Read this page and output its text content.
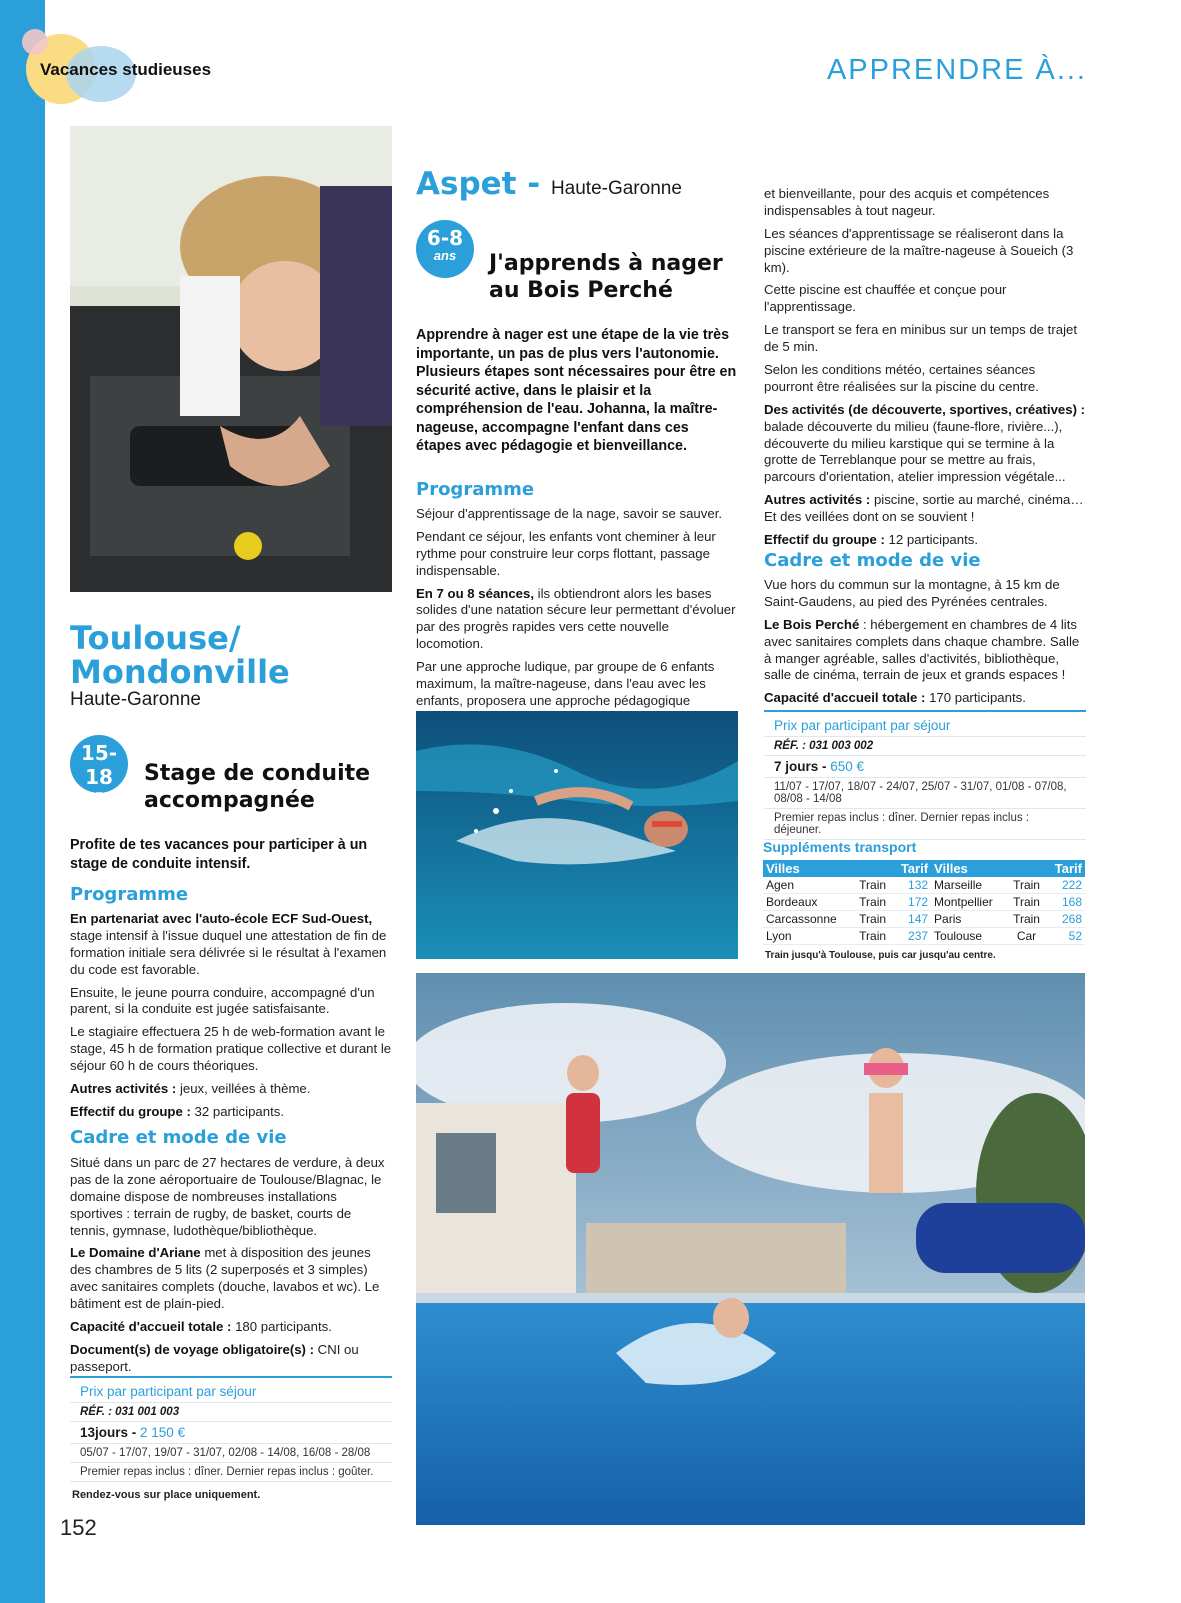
Vacances studieuses	APPRENDRE À...
Toulouse/ Mondonville
Haute-Garonne
15-18
ans
Stage de conduite accompagnée
Profite de tes vacances pour participer à un stage de conduite intensif.
Programme

En partenariat avec l'auto-école ECF Sud-Ouest, stage intensif à l'issue duquel une attestation de fin de formation initiale sera délivrée si le résultat à l'examen du code est favorable.

Ensuite, le jeune pourra conduire, accompagné d'un parent, si la conduite est jugée satisfaisante.

Le stagiaire effectuera 25 h de web-formation avant le stage, 45 h de formation pratique collective et durant le séjour 60 h de cours théoriques.

Autres activités : jeux, veillées à thème.

Effectif du groupe : 32 participants.

Cadre et mode de vie

Situé dans un parc de 27 hectares de verdure, à deux pas de la zone aéroportuaire de Toulouse/Blagnac, le domaine dispose de nombreuses installations sportives : terrain de rugby, de basket, courts de tennis, gymnase, ludothèque/bibliothèque.

Le Domaine d'Ariane met à disposition des jeunes des chambres de 5 lits (2 superposés et 3 simples) avec sanitaires complets (douche, lavabos et wc). Le bâtiment est de plain-pied.

Capacité d'accueil totale : 180 participants.

Document(s) de voyage obligatoire(s) : CNI ou passeport.

Prix par participant par séjour
RÉF. : 031 001 003
13jours - 2 150 €
05/07 - 17/07, 19/07 - 31/07, 02/08 - 14/08, 16/08 - 28/08
Premier repas inclus : dîner. Dernier repas inclus : goûter.
Rendez-vous sur place uniquement.
Aspet - Haute-Garonne
6-8
ans	J'apprends à nager au Bois Perché
Apprendre à nager est une étape de la vie très importante, un pas de plus vers l'autonomie. Plusieurs étapes sont nécessaires pour être en sécurité active, dans le plaisir et la compréhension de l'eau. Johanna, la maître-nageuse, accompagne l'enfant dans ces étapes avec pédagogie et bienveillance.
Programme

Séjour d'apprentissage de la nage, savoir se sauver.

Pendant ce séjour, les enfants vont cheminer à leur rythme pour construire leur corps flottant, passage indispensable.

En 7 ou 8 séances, ils obtiendront alors les bases solides d'une natation sécure leur permettant d'évoluer par des progrès rapides vers cette nouvelle locomotion.

Par une approche ludique, par groupe de 6 enfants maximum, la maître-nageuse, dans l'eau avec les enfants, proposera une approche pédagogique

et bienveillante, pour des acquis et compétences indispensables à tout nageur.

Les séances d'apprentissage se réaliseront dans la piscine extérieure de la maître-nageuse à Soueich (3 km).

Cette piscine est chauffée et conçue pour l'apprentissage.

Le transport se fera en minibus sur un temps de trajet de 5 min.

Selon les conditions météo, certaines séances pourront être réalisées sur la piscine du centre.

Des activités (de découverte, sportives, créatives) : balade découverte du milieu (faune-flore, rivière...), découverte du milieu karstique qui se termine à la grotte de Terreblanque pour se mettre au frais, parcours d'orientation, atelier impression végétale...

Autres activités : piscine, sortie au marché, cinéma… Et des veillées dont on se souvient !

Effectif du groupe : 12 participants.

Cadre et mode de vie

Vue hors du commun sur la montagne, à 15 km de Saint-Gaudens, au pied des Pyrénées centrales.

Le Bois Perché : hébergement en chambres de 4 lits avec sanitaires complets dans chaque chambre. Salle à manger agréable, salles d'activités, bibliothèque, salle de cinéma, terrain de jeux et grands espaces !

Capacité d'accueil totale : 170 participants.

Prix par participant par séjour
RÉF. : 031 003 002
7 jours - 650 €
11/07 - 17/07, 18/07 - 24/07, 25/07 - 31/07, 01/08 - 07/08, 08/08 - 14/08
Premier repas inclus : dîner. Dernier repas inclus : déjeuner.
Suppléments transport
Villes		Tarif	Villes		Tarif
Agen	Train	132	Marseille	Train	222
Bordeaux	Train	172	Montpellier	Train	168
Carcassonne	Train	147	Paris	Train	268
Lyon	Train	237	Toulouse	Car	52
Train jusqu'à Toulouse, puis car jusqu'au centre.
152
